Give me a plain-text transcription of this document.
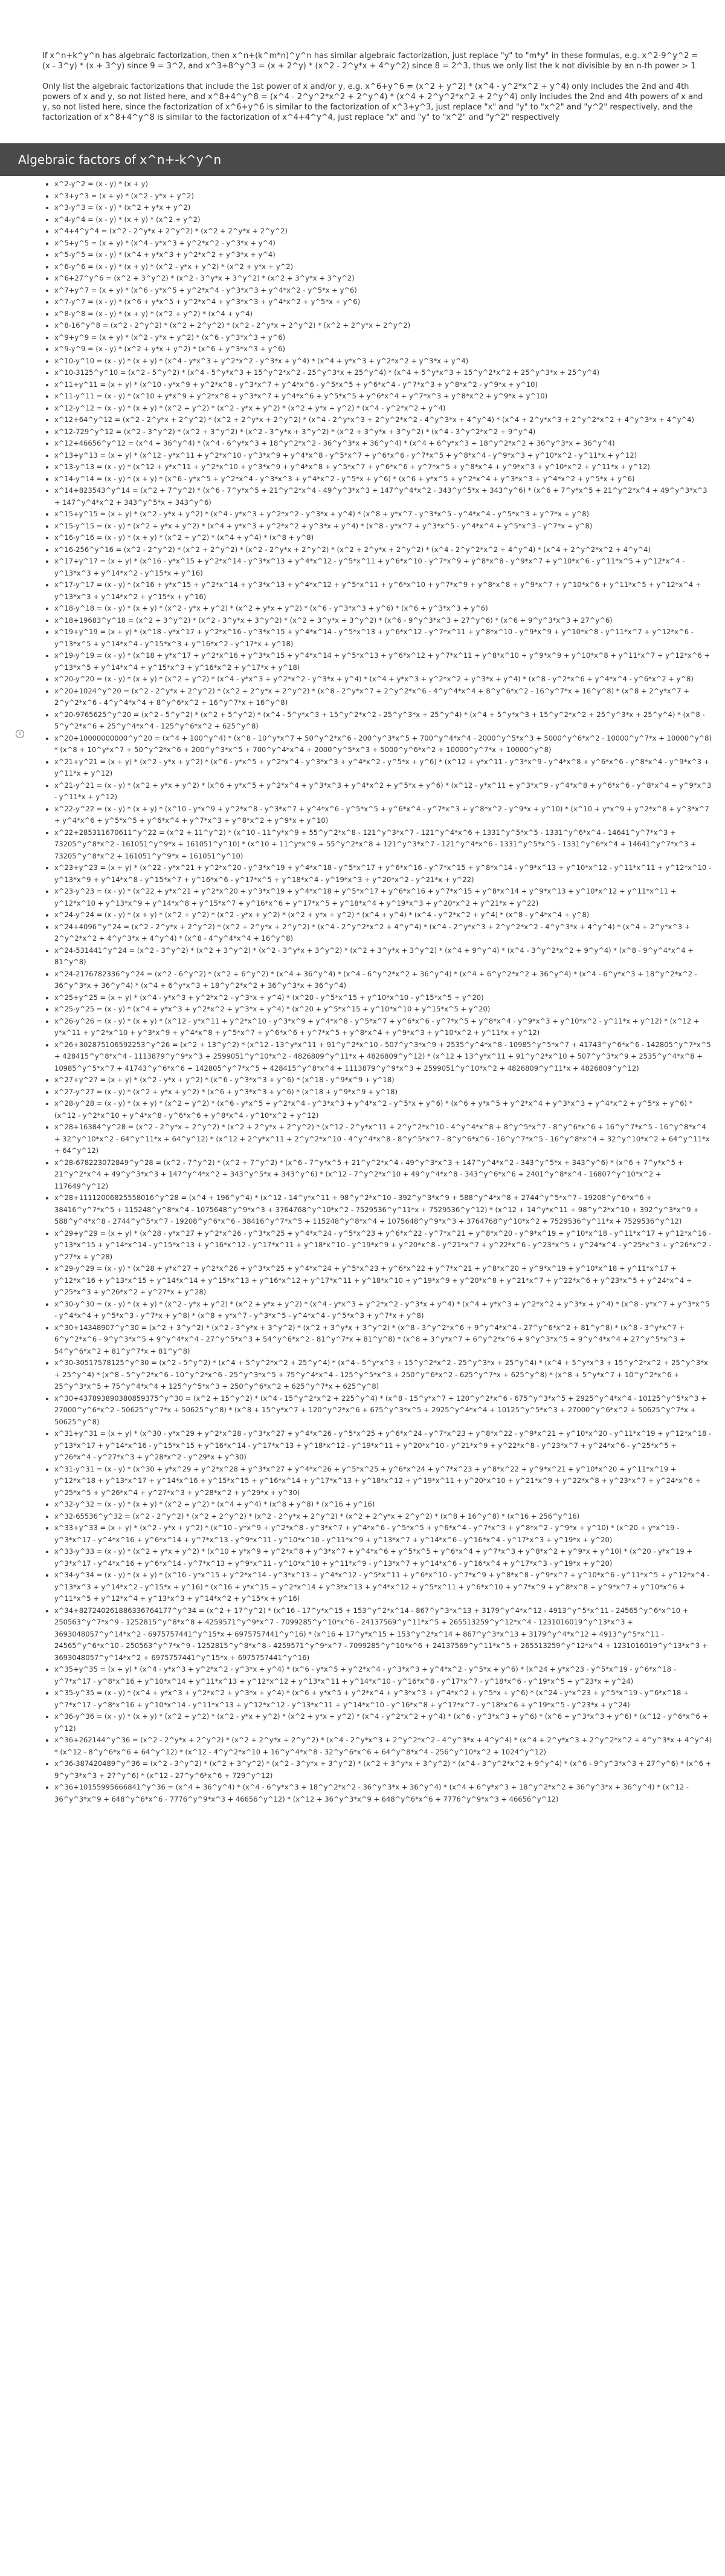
If x^n+k^y^n has algebraic factorization, then x^n+(k^m*n)^y^n has similar algebraic factorization, just replace "y" to "m*y" in these formulas, e.g. x^2-9^y^2 = (x - 3^y) * (x + 3^y) since 9 = 3^2, and x^3+8^y^3 = (x + 2^y) * (x^2 - 2^y*x + 4^y^2) since 8 = 2^3, thus we only list the k not divisible by an n-th power > 1

Only list the algebraic factorizations that include the 1st power of x and/or y, e.g. x^6+y^6 = (x^2 + y^2) * (x^4 - y^2*x^2 + y^4) only includes the 2nd and 4th powers of x and y, so not listed here, and x^8+4^y^8 = (x^4 - 2^y^2*x^2 + 2^y^4) * (x^4 + 2^y^2*x^2 + 2^y^4) only includes the 2nd and 4th powers of x and y, so not listed here, since the factorization of x^6+y^6 is similar to the factorization of x^3+y^3, just replace "x" and "y" to "x^2" and "y^2" respectively, and the factorization of x^8+4^y^8 is similar to the factorization of x^4+4^y^4, just replace "x" and "y" to "x^2" and "y^2" respectively

Algebraic factors of x^n+-k^y^n
i
• x^2-y^2 = (x - y) * (x + y)
• x^3+y^3 = (x + y) * (x^2 - y*x + y^2)
• x^3-y^3 = (x - y) * (x^2 + y*x + y^2)
• x^4-y^4 = (x - y) * (x + y) * (x^2 + y^2)
• x^4+4^y^4 = (x^2 - 2^y*x + 2^y^2) * (x^2 + 2^y*x + 2^y^2)
• x^5+y^5 = (x + y) * (x^4 - y*x^3 + y^2*x^2 - y^3*x + y^4)
• x^5-y^5 = (x - y) * (x^4 + y*x^3 + y^2*x^2 + y^3*x + y^4)
• x^6-y^6 = (x - y) * (x + y) * (x^2 - y*x + y^2) * (x^2 + y*x + y^2)
• x^6+27^y^6 = (x^2 + 3^y^2) * (x^2 - 3^y*x + 3^y^2) * (x^2 + 3^y*x + 3^y^2)
• x^7+y^7 = (x + y) * (x^6 - y*x^5 + y^2*x^4 - y^3*x^3 + y^4*x^2 - y^5*x + y^6)
• x^7-y^7 = (x - y) * (x^6 + y*x^5 + y^2*x^4 + y^3*x^3 + y^4*x^2 + y^5*x + y^6)
• x^8-y^8 = (x - y) * (x + y) * (x^2 + y^2) * (x^4 + y^4)
• x^8-16^y^8 = (x^2 - 2^y^2) * (x^2 + 2^y^2) * (x^2 - 2^y*x + 2^y^2) * (x^2 + 2^y*x + 2^y^2)
• x^9+y^9 = (x + y) * (x^2 - y*x + y^2) * (x^6 - y^3*x^3 + y^6)
• x^9-y^9 = (x - y) * (x^2 + y*x + y^2) * (x^6 + y^3*x^3 + y^6)
• x^10-y^10 = (x - y) * (x + y) * (x^4 - y*x^3 + y^2*x^2 - y^3*x + y^4) * (x^4 + y*x^3 + y^2*x^2 + y^3*x + y^4)
• x^10-3125^y^10 = (x^2 - 5^y^2) * (x^4 - 5^y*x^3 + 15^y^2*x^2 - 25^y^3*x + 25^y^4) * (x^4 + 5^y*x^3 + 15^y^2*x^2 + 25^y^3*x + 25^y^4)
• x^11+y^11 = (x + y) * (x^10 - y*x^9 + y^2*x^8 - y^3*x^7 + y^4*x^6 - y^5*x^5 + y^6*x^4 - y^7*x^3 + y^8*x^2 - y^9*x + y^10)
• x^11-y^11 = (x - y) * (x^10 + y*x^9 + y^2*x^8 + y^3*x^7 + y^4*x^6 + y^5*x^5 + y^6*x^4 + y^7*x^3 + y^8*x^2 + y^9*x + y^10)
• x^12-y^12 = (x - y) * (x + y) * (x^2 + y^2) * (x^2 - y*x + y^2) * (x^2 + y*x + y^2) * (x^4 - y^2*x^2 + y^4)
• x^12+64^y^12 = (x^2 - 2^y*x + 2^y^2) * (x^2 + 2^y*x + 2^y^2) * (x^4 - 2^y*x^3 + 2^y^2*x^2 - 4^y^3*x + 4^y^4) * (x^4 + 2^y*x^3 + 2^y^2*x^2 + 4^y^3*x + 4^y^4)
• x^12-729^y^12 = (x^2 - 3^y^2) * (x^2 + 3^y^2) * (x^2 - 3^y*x + 3^y^2) * (x^2 + 3^y*x + 3^y^2) * (x^4 - 3^y^2*x^2 + 9^y^4)
• x^12+46656^y^12 = (x^4 + 36^y^4) * (x^4 - 6^y*x^3 + 18^y^2*x^2 - 36^y^3*x + 36^y^4) * (x^4 + 6^y*x^3 + 18^y^2*x^2 + 36^y^3*x + 36^y^4)
• x^13+y^13 = (x + y) * (x^12 - y*x^11 + y^2*x^10 - y^3*x^9 + y^4*x^8 - y^5*x^7 + y^6*x^6 - y^7*x^5 + y^8*x^4 - y^9*x^3 + y^10*x^2 - y^11*x + y^12)
• x^13-y^13 = (x - y) * (x^12 + y*x^11 + y^2*x^10 + y^3*x^9 + y^4*x^8 + y^5*x^7 + y^6*x^6 + y^7*x^5 + y^8*x^4 + y^9*x^3 + y^10*x^2 + y^11*x + y^12)
• x^14-y^14 = (x - y) * (x + y) * (x^6 - y*x^5 + y^2*x^4 - y^3*x^3 + y^4*x^2 - y^5*x + y^6) * (x^6 + y*x^5 + y^2*x^4 + y^3*x^3 + y^4*x^2 + y^5*x + y^6)
• x^14+823543^y^14 = (x^2 + 7^y^2) * (x^6 - 7^y*x^5 + 21^y^2*x^4 - 49^y^3*x^3 + 147^y^4*x^2 - 343^y^5*x + 343^y^6) * (x^6 + 7^y*x^5 + 21^y^2*x^4 + 49^y^3*x^3 + 147^y^4*x^2 + 343^y^5*x + 343^y^6)
• x^15+y^15 = (x + y) * (x^2 - y*x + y^2) * (x^4 - y*x^3 + y^2*x^2 - y^3*x + y^4) * (x^8 + y*x^7 - y^3*x^5 - y^4*x^4 - y^5*x^3 + y^7*x + y^8)
• x^15-y^15 = (x - y) * (x^2 + y*x + y^2) * (x^4 + y*x^3 + y^2*x^2 + y^3*x + y^4) * (x^8 - y*x^7 + y^3*x^5 - y^4*x^4 + y^5*x^3 - y^7*x + y^8)
• x^16-y^16 = (x - y) * (x + y) * (x^2 + y^2) * (x^4 + y^4) * (x^8 + y^8)
• x^16-256^y^16 = (x^2 - 2^y^2) * (x^2 + 2^y^2) * (x^2 - 2^y*x + 2^y^2) * (x^2 + 2^y*x + 2^y^2) * (x^4 - 2^y^2*x^2 + 4^y^4) * (x^4 + 2^y^2*x^2 + 4^y^4)
• x^17+y^17 = (x + y) * (x^16 - y*x^15 + y^2*x^14 - y^3*x^13 + y^4*x^12 - y^5*x^11 + y^6*x^10 - y^7*x^9 + y^8*x^8 - y^9*x^7 + y^10*x^6 - y^11*x^5 + y^12*x^4 - y^13*x^3 + y^14*x^2 - y^15*x + y^16)
• x^17-y^17 = (x - y) * (x^16 + y*x^15 + y^2*x^14 + y^3*x^13 + y^4*x^12 + y^5*x^11 + y^6*x^10 + y^7*x^9 + y^8*x^8 + y^9*x^7 + y^10*x^6 + y^11*x^5 + y^12*x^4 + y^13*x^3 + y^14*x^2 + y^15*x + y^16)
• x^18-y^18 = (x - y) * (x + y) * (x^2 - y*x + y^2) * (x^2 + y*x + y^2) * (x^6 - y^3*x^3 + y^6) * (x^6 + y^3*x^3 + y^6)
• x^18+19683^y^18 = (x^2 + 3^y^2) * (x^2 - 3^y*x + 3^y^2) * (x^2 + 3^y*x + 3^y^2) * (x^6 - 9^y^3*x^3 + 27^y^6) * (x^6 + 9^y^3*x^3 + 27^y^6)
• x^19+y^19 = (x + y) * (x^18 - y*x^17 + y^2*x^16 - y^3*x^15 + y^4*x^14 - y^5*x^13 + y^6*x^12 - y^7*x^11 + y^8*x^10 - y^9*x^9 + y^10*x^8 - y^11*x^7 + y^12*x^6 - y^13*x^5 + y^14*x^4 - y^15*x^3 + y^16*x^2 - y^17*x + y^18)
• x^19-y^19 = (x - y) * (x^18 + y*x^17 + y^2*x^16 + y^3*x^15 + y^4*x^14 + y^5*x^13 + y^6*x^12 + y^7*x^11 + y^8*x^10 + y^9*x^9 + y^10*x^8 + y^11*x^7 + y^12*x^6 + y^13*x^5 + y^14*x^4 + y^15*x^3 + y^16*x^2 + y^17*x + y^18)
• x^20-y^20 = (x - y) * (x + y) * (x^2 + y^2) * (x^4 - y*x^3 + y^2*x^2 - y^3*x + y^4) * (x^4 + y*x^3 + y^2*x^2 + y^3*x + y^4) * (x^8 - y^2*x^6 + y^4*x^4 - y^6*x^2 + y^8)
• x^20+1024^y^20 = (x^2 - 2^y*x + 2^y^2) * (x^2 + 2^y*x + 2^y^2) * (x^8 - 2^y*x^7 + 2^y^2*x^6 - 4^y^4*x^4 + 8^y^6*x^2 - 16^y^7*x + 16^y^8) * (x^8 + 2^y*x^7 + 2^y^2*x^6 - 4^y^4*x^4 + 8^y^6*x^2 + 16^y^7*x + 16^y^8)
• x^20-9765625^y^20 = (x^2 - 5^y^2) * (x^2 + 5^y^2) * (x^4 - 5^y*x^3 + 15^y^2*x^2 - 25^y^3*x + 25^y^4) * (x^4 + 5^y*x^3 + 15^y^2*x^2 + 25^y^3*x + 25^y^4) * (x^8 - 5^y^2*x^6 + 25^y^4*x^4 - 125^y^6*x^2 + 625^y^8)
• x^20+10000000000^y^20 = (x^4 + 100^y^4) * (x^8 - 10^y*x^7 + 50^y^2*x^6 - 200^y^3*x^5 + 700^y^4*x^4 - 2000^y^5*x^3 + 5000^y^6*x^2 - 10000^y^7*x + 10000^y^8) * (x^8 + 10^y*x^7 + 50^y^2*x^6 + 200^y^3*x^5 + 700^y^4*x^4 + 2000^y^5*x^3 + 5000^y^6*x^2 + 10000^y^7*x + 10000^y^8)
• x^21+y^21 = (x + y) * (x^2 - y*x + y^2) * (x^6 - y*x^5 + y^2*x^4 - y^3*x^3 + y^4*x^2 - y^5*x + y^6) * (x^12 + y*x^11 - y^3*x^9 - y^4*x^8 + y^6*x^6 - y^8*x^4 - y^9*x^3 + y^11*x + y^12)
• x^21-y^21 = (x - y) * (x^2 + y*x + y^2) * (x^6 + y*x^5 + y^2*x^4 + y^3*x^3 + y^4*x^2 + y^5*x + y^6) * (x^12 - y*x^11 + y^3*x^9 - y^4*x^8 + y^6*x^6 - y^8*x^4 + y^9*x^3 - y^11*x + y^12)
• x^22-y^22 = (x - y) * (x + y) * (x^10 - y*x^9 + y^2*x^8 - y^3*x^7 + y^4*x^6 - y^5*x^5 + y^6*x^4 - y^7*x^3 + y^8*x^2 - y^9*x + y^10) * (x^10 + y*x^9 + y^2*x^8 + y^3*x^7 + y^4*x^6 + y^5*x^5 + y^6*x^4 + y^7*x^3 + y^8*x^2 + y^9*x + y^10)
• x^22+285311670611^y^22 = (x^2 + 11^y^2) * (x^10 - 11^y*x^9 + 55^y^2*x^8 - 121^y^3*x^7 - 121^y^4*x^6 + 1331^y^5*x^5 - 1331^y^6*x^4 - 14641^y^7*x^3 + 73205^y^8*x^2 - 161051^y^9*x + 161051^y^10) * (x^10 + 11^y*x^9 + 55^y^2*x^8 + 121^y^3*x^7 - 121^y^4*x^6 - 1331^y^5*x^5 - 1331^y^6*x^4 + 14641^y^7*x^3 + 73205^y^8*x^2 + 161051^y^9*x + 161051^y^10)
• x^23+y^23 = (x + y) * (x^22 - y*x^21 + y^2*x^20 - y^3*x^19 + y^4*x^18 - y^5*x^17 + y^6*x^16 - y^7*x^15 + y^8*x^14 - y^9*x^13 + y^10*x^12 - y^11*x^11 + y^12*x^10 - y^13*x^9 + y^14*x^8 - y^15*x^7 + y^16*x^6 - y^17*x^5 + y^18*x^4 - y^19*x^3 + y^20*x^2 - y^21*x + y^22)
• x^23-y^23 = (x - y) * (x^22 + y*x^21 + y^2*x^20 + y^3*x^19 + y^4*x^18 + y^5*x^17 + y^6*x^16 + y^7*x^15 + y^8*x^14 + y^9*x^13 + y^10*x^12 + y^11*x^11 + y^12*x^10 + y^13*x^9 + y^14*x^8 + y^15*x^7 + y^16*x^6 + y^17*x^5 + y^18*x^4 + y^19*x^3 + y^20*x^2 + y^21*x + y^22)
• x^24-y^24 = (x - y) * (x + y) * (x^2 + y^2) * (x^2 - y*x + y^2) * (x^2 + y*x + y^2) * (x^4 + y^4) * (x^4 - y^2*x^2 + y^4) * (x^8 - y^4*x^4 + y^8)
• x^24+4096^y^24 = (x^2 - 2^y*x + 2^y^2) * (x^2 + 2^y*x + 2^y^2) * (x^4 - 2^y^2*x^2 + 4^y^4) * (x^4 - 2^y*x^3 + 2^y^2*x^2 - 4^y^3*x + 4^y^4) * (x^4 + 2^y*x^3 + 2^y^2*x^2 + 4^y^3*x + 4^y^4) * (x^8 - 4^y^4*x^4 + 16^y^8)
• x^24-531441^y^24 = (x^2 - 3^y^2) * (x^2 + 3^y^2) * (x^2 - 3^y*x + 3^y^2) * (x^2 + 3^y*x + 3^y^2) * (x^4 + 9^y^4) * (x^4 - 3^y^2*x^2 + 9^y^4) * (x^8 - 9^y^4*x^4 + 81^y^8)
• x^24-2176782336^y^24 = (x^2 - 6^y^2) * (x^2 + 6^y^2) * (x^4 + 36^y^4) * (x^4 - 6^y^2*x^2 + 36^y^4) * (x^4 + 6^y^2*x^2 + 36^y^4) * (x^4 - 6^y*x^3 + 18^y^2*x^2 - 36^y^3*x + 36^y^4) * (x^4 + 6^y*x^3 + 18^y^2*x^2 + 36^y^3*x + 36^y^4)
• x^25+y^25 = (x + y) * (x^4 - y*x^3 + y^2*x^2 - y^3*x + y^4) * (x^20 - y^5*x^15 + y^10*x^10 - y^15*x^5 + y^20)
• x^25-y^25 = (x - y) * (x^4 + y*x^3 + y^2*x^2 + y^3*x + y^4) * (x^20 + y^5*x^15 + y^10*x^10 + y^15*x^5 + y^20)
• x^26-y^26 = (x - y) * (x + y) * (x^12 - y*x^11 + y^2*x^10 - y^3*x^9 + y^4*x^8 - y^5*x^7 + y^6*x^6 - y^7*x^5 + y^8*x^4 - y^9*x^3 + y^10*x^2 - y^11*x + y^12) * (x^12 + y*x^11 + y^2*x^10 + y^3*x^9 + y^4*x^8 + y^5*x^7 + y^6*x^6 + y^7*x^5 + y^8*x^4 + y^9*x^3 + y^10*x^2 + y^11*x + y^12)
• x^26+302875106592253^y^26 = (x^2 + 13^y^2) * (x^12 - 13^y*x^11 + 91^y^2*x^10 - 507^y^3*x^9 + 2535^y^4*x^8 - 10985^y^5*x^7 + 41743^y^6*x^6 - 142805^y^7*x^5 + 428415^y^8*x^4 - 1113879^y^9*x^3 + 2599051^y^10*x^2 - 4826809^y^11*x + 4826809^y^12) * (x^12 + 13^y*x^11 + 91^y^2*x^10 + 507^y^3*x^9 + 2535^y^4*x^8 + 10985^y^5*x^7 + 41743^y^6*x^6 + 142805^y^7*x^5 + 428415^y^8*x^4 + 1113879^y^9*x^3 + 2599051^y^10*x^2 + 4826809^y^11*x + 4826809^y^12)
• x^27+y^27 = (x + y) * (x^2 - y*x + y^2) * (x^6 - y^3*x^3 + y^6) * (x^18 - y^9*x^9 + y^18)
• x^27-y^27 = (x - y) * (x^2 + y*x + y^2) * (x^6 + y^3*x^3 + y^6) * (x^18 + y^9*x^9 + y^18)
• x^28-y^28 = (x - y) * (x + y) * (x^2 + y^2) * (x^6 - y*x^5 + y^2*x^4 - y^3*x^3 + y^4*x^2 - y^5*x + y^6) * (x^6 + y*x^5 + y^2*x^4 + y^3*x^3 + y^4*x^2 + y^5*x + y^6) * (x^12 - y^2*x^10 + y^4*x^8 - y^6*x^6 + y^8*x^4 - y^10*x^2 + y^12)
• x^28+16384^y^28 = (x^2 - 2^y*x + 2^y^2) * (x^2 + 2^y*x + 2^y^2) * (x^12 - 2^y*x^11 + 2^y^2*x^10 - 4^y^4*x^8 + 8^y^5*x^7 - 8^y^6*x^6 + 16^y^7*x^5 - 16^y^8*x^4 + 32^y^10*x^2 - 64^y^11*x + 64^y^12) * (x^12 + 2^y*x^11 + 2^y^2*x^10 - 4^y^4*x^8 - 8^y^5*x^7 - 8^y^6*x^6 - 16^y^7*x^5 - 16^y^8*x^4 + 32^y^10*x^2 + 64^y^11*x + 64^y^12)
• x^28-678223072849^y^28 = (x^2 - 7^y^2) * (x^2 + 7^y^2) * (x^6 - 7^y*x^5 + 21^y^2*x^4 - 49^y^3*x^3 + 147^y^4*x^2 - 343^y^5*x + 343^y^6) * (x^6 + 7^y*x^5 + 21^y^2*x^4 + 49^y^3*x^3 + 147^y^4*x^2 + 343^y^5*x + 343^y^6) * (x^12 - 7^y^2*x^10 + 49^y^4*x^8 - 343^y^6*x^6 + 2401^y^8*x^4 - 16807^y^10*x^2 + 117649^y^12)
• x^28+11112006825558016^y^28 = (x^4 + 196^y^4) * (x^12 - 14^y*x^11 + 98^y^2*x^10 - 392^y^3*x^9 + 588^y^4*x^8 + 2744^y^5*x^7 - 19208^y^6*x^6 + 38416^y^7*x^5 + 115248^y^8*x^4 - 1075648^y^9*x^3 + 3764768^y^10*x^2 - 7529536^y^11*x + 7529536^y^12) * (x^12 + 14^y*x^11 + 98^y^2*x^10 + 392^y^3*x^9 + 588^y^4*x^8 - 2744^y^5*x^7 - 19208^y^6*x^6 - 38416^y^7*x^5 + 115248^y^8*x^4 + 1075648^y^9*x^3 + 3764768^y^10*x^2 + 7529536^y^11*x + 7529536^y^12)
• x^29+y^29 = (x + y) * (x^28 - y*x^27 + y^2*x^26 - y^3*x^25 + y^4*x^24 - y^5*x^23 + y^6*x^22 - y^7*x^21 + y^8*x^20 - y^9*x^19 + y^10*x^18 - y^11*x^17 + y^12*x^16 - y^13*x^15 + y^14*x^14 - y^15*x^13 + y^16*x^12 - y^17*x^11 + y^18*x^10 - y^19*x^9 + y^20*x^8 - y^21*x^7 + y^22*x^6 - y^23*x^5 + y^24*x^4 - y^25*x^3 + y^26*x^2 - y^27*x + y^28)
• x^29-y^29 = (x - y) * (x^28 + y*x^27 + y^2*x^26 + y^3*x^25 + y^4*x^24 + y^5*x^23 + y^6*x^22 + y^7*x^21 + y^8*x^20 + y^9*x^19 + y^10*x^18 + y^11*x^17 + y^12*x^16 + y^13*x^15 + y^14*x^14 + y^15*x^13 + y^16*x^12 + y^17*x^11 + y^18*x^10 + y^19*x^9 + y^20*x^8 + y^21*x^7 + y^22*x^6 + y^23*x^5 + y^24*x^4 + y^25*x^3 + y^26*x^2 + y^27*x + y^28)
• x^30-y^30 = (x - y) * (x + y) * (x^2 - y*x + y^2) * (x^2 + y*x + y^2) * (x^4 - y*x^3 + y^2*x^2 - y^3*x + y^4) * (x^4 + y*x^3 + y^2*x^2 + y^3*x + y^4) * (x^8 - y*x^7 + y^3*x^5 - y^4*x^4 + y^5*x^3 - y^7*x + y^8) * (x^8 + y*x^7 - y^3*x^5 - y^4*x^4 - y^5*x^3 + y^7*x + y^8)
• x^30+14348907^y^30 = (x^2 + 3^y^2) * (x^2 - 3^y*x + 3^y^2) * (x^2 + 3^y*x + 3^y^2) * (x^8 - 3^y^2*x^6 + 9^y^4*x^4 - 27^y^6*x^2 + 81^y^8) * (x^8 - 3^y*x^7 + 6^y^2*x^6 - 9^y^3*x^5 + 9^y^4*x^4 - 27^y^5*x^3 + 54^y^6*x^2 - 81^y^7*x + 81^y^8) * (x^8 + 3^y*x^7 + 6^y^2*x^6 + 9^y^3*x^5 + 9^y^4*x^4 + 27^y^5*x^3 + 54^y^6*x^2 + 81^y^7*x + 81^y^8)
• x^30-30517578125^y^30 = (x^2 - 5^y^2) * (x^4 + 5^y^2*x^2 + 25^y^4) * (x^4 - 5^y*x^3 + 15^y^2*x^2 - 25^y^3*x + 25^y^4) * (x^4 + 5^y*x^3 + 15^y^2*x^2 + 25^y^3*x + 25^y^4) * (x^8 - 5^y^2*x^6 - 10^y^2*x^6 - 25^y^3*x^5 + 75^y^4*x^4 - 125^y^5*x^3 + 250^y^6*x^2 - 625^y^7*x + 625^y^8) * (x^8 + 5^y*x^7 + 10^y^2*x^6 + 25^y^3*x^5 + 75^y^4*x^4 + 125^y^5*x^3 + 250^y^6*x^2 + 625^y^7*x + 625^y^8)
• x^30+437893890380859375^y^30 = (x^2 + 15^y^2) * (x^4 - 15^y^2*x^2 + 225^y^4) * (x^8 - 15^y*x^7 + 120^y^2*x^6 - 675^y^3*x^5 + 2925^y^4*x^4 - 10125^y^5*x^3 + 27000^y^6*x^2 - 50625^y^7*x + 50625^y^8) * (x^8 + 15^y*x^7 + 120^y^2*x^6 + 675^y^3*x^5 + 2925^y^4*x^4 + 10125^y^5*x^3 + 27000^y^6*x^2 + 50625^y^7*x + 50625^y^8)
• x^31+y^31 = (x + y) * (x^30 - y*x^29 + y^2*x^28 - y^3*x^27 + y^4*x^26 - y^5*x^25 + y^6*x^24 - y^7*x^23 + y^8*x^22 - y^9*x^21 + y^10*x^20 - y^11*x^19 + y^12*x^18 - y^13*x^17 + y^14*x^16 - y^15*x^15 + y^16*x^14 - y^17*x^13 + y^18*x^12 - y^19*x^11 + y^20*x^10 - y^21*x^9 + y^22*x^8 - y^23*x^7 + y^24*x^6 - y^25*x^5 + y^26*x^4 - y^27*x^3 + y^28*x^2 - y^29*x + y^30)
• x^31-y^31 = (x - y) * (x^30 + y*x^29 + y^2*x^28 + y^3*x^27 + y^4*x^26 + y^5*x^25 + y^6*x^24 + y^7*x^23 + y^8*x^22 + y^9*x^21 + y^10*x^20 + y^11*x^19 + y^12*x^18 + y^13*x^17 + y^14*x^16 + y^15*x^15 + y^16*x^14 + y^17*x^13 + y^18*x^12 + y^19*x^11 + y^20*x^10 + y^21*x^9 + y^22*x^8 + y^23*x^7 + y^24*x^6 + y^25*x^5 + y^26*x^4 + y^27*x^3 + y^28*x^2 + y^29*x + y^30)
• x^32-y^32 = (x - y) * (x + y) * (x^2 + y^2) * (x^4 + y^4) * (x^8 + y^8) * (x^16 + y^16)
• x^32-65536^y^32 = (x^2 - 2^y^2) * (x^2 + 2^y^2) * (x^2 - 2^y*x + 2^y^2) * (x^2 + 2^y*x + 2^y^2) * (x^8 + 16^y^8) * (x^16 + 256^y^16)
• x^33+y^33 = (x + y) * (x^2 - y*x + y^2) * (x^10 - y*x^9 + y^2*x^8 - y^3*x^7 + y^4*x^6 - y^5*x^5 + y^6*x^4 - y^7*x^3 + y^8*x^2 - y^9*x + y^10) * (x^20 + y*x^19 - y^3*x^17 - y^4*x^16 + y^6*x^14 + y^7*x^13 - y^9*x^11 - y^10*x^10 - y^11*x^9 + y^13*x^7 + y^14*x^6 - y^16*x^4 - y^17*x^3 + y^19*x + y^20)
• x^33-y^33 = (x - y) * (x^2 + y*x + y^2) * (x^10 + y*x^9 + y^2*x^8 + y^3*x^7 + y^4*x^6 + y^5*x^5 + y^6*x^4 + y^7*x^3 + y^8*x^2 + y^9*x + y^10) * (x^20 - y*x^19 + y^3*x^17 - y^4*x^16 + y^6*x^14 - y^7*x^13 + y^9*x^11 - y^10*x^10 + y^11*x^9 - y^13*x^7 + y^14*x^6 - y^16*x^4 + y^17*x^3 - y^19*x + y^20)
• x^34-y^34 = (x - y) * (x + y) * (x^16 - y*x^15 + y^2*x^14 - y^3*x^13 + y^4*x^12 - y^5*x^11 + y^6*x^10 - y^7*x^9 + y^8*x^8 - y^9*x^7 + y^10*x^6 - y^11*x^5 + y^12*x^4 - y^13*x^3 + y^14*x^2 - y^15*x + y^16) * (x^16 + y*x^15 + y^2*x^14 + y^3*x^13 + y^4*x^12 + y^5*x^11 + y^6*x^10 + y^7*x^9 + y^8*x^8 + y^9*x^7 + y^10*x^6 + y^11*x^5 + y^12*x^4 + y^13*x^3 + y^14*x^2 + y^15*x + y^16)
• x^34+827240261886336764177^y^34 = (x^2 + 17^y^2) * (x^16 - 17^y*x^15 + 153^y^2*x^14 - 867^y^3*x^13 + 3179^y^4*x^12 - 4913^y^5*x^11 - 24565^y^6*x^10 + 250563^y^7*x^9 - 1252815^y^8*x^8 + 4259571^y^9*x^7 - 7099285^y^10*x^6 - 24137569^y^11*x^5 + 265513259^y^12*x^4 - 1231016019^y^13*x^3 + 3693048057^y^14*x^2 - 6975757441^y^15*x + 6975757441^y^16) * (x^16 + 17^y*x^15 + 153^y^2*x^14 + 867^y^3*x^13 + 3179^y^4*x^12 + 4913^y^5*x^11 - 24565^y^6*x^10 - 250563^y^7*x^9 - 1252815^y^8*x^8 - 4259571^y^9*x^7 - 7099285^y^10*x^6 + 24137569^y^11*x^5 + 265513259^y^12*x^4 + 1231016019^y^13*x^3 + 3693048057^y^14*x^2 + 6975757441^y^15*x + 6975757441^y^16)
• x^35+y^35 = (x + y) * (x^4 - y*x^3 + y^2*x^2 - y^3*x + y^4) * (x^6 - y*x^5 + y^2*x^4 - y^3*x^3 + y^4*x^2 - y^5*x + y^6) * (x^24 + y*x^23 - y^5*x^19 - y^6*x^18 - y^7*x^17 - y^8*x^16 + y^10*x^14 + y^11*x^13 + y^12*x^12 + y^13*x^11 + y^14*x^10 - y^16*x^8 - y^17*x^7 - y^18*x^6 - y^19*x^5 + y^23*x + y^24)
• x^35-y^35 = (x - y) * (x^4 + y*x^3 + y^2*x^2 + y^3*x + y^4) * (x^6 + y*x^5 + y^2*x^4 + y^3*x^3 + y^4*x^2 + y^5*x + y^6) * (x^24 - y*x^23 + y^5*x^19 - y^6*x^18 + y^7*x^17 - y^8*x^16 + y^10*x^14 - y^11*x^13 + y^12*x^12 - y^13*x^11 + y^14*x^10 - y^16*x^8 + y^17*x^7 - y^18*x^6 + y^19*x^5 - y^23*x + y^24)
• x^36-y^36 = (x - y) * (x + y) * (x^2 + y^2) * (x^2 - y*x + y^2) * (x^2 + y*x + y^2) * (x^4 - y^2*x^2 + y^4) * (x^6 - y^3*x^3 + y^6) * (x^6 + y^3*x^3 + y^6) * (x^12 - y^6*x^6 + y^12)
• x^36+262144^y^36 = (x^2 - 2^y*x + 2^y^2) * (x^2 + 2^y*x + 2^y^2) * (x^4 - 2^y*x^3 + 2^y^2*x^2 - 4^y^3*x + 4^y^4) * (x^4 + 2^y*x^3 + 2^y^2*x^2 + 4^y^3*x + 4^y^4) * (x^12 - 8^y^6*x^6 + 64^y^12) * (x^12 - 4^y^2*x^10 + 16^y^4*x^8 - 32^y^6*x^6 + 64^y^8*x^4 - 256^y^10*x^2 + 1024^y^12)
• x^36-387420489^y^36 = (x^2 - 3^y^2) * (x^2 + 3^y^2) * (x^2 - 3^y*x + 3^y^2) * (x^2 + 3^y*x + 3^y^2) * (x^4 - 3^y^2*x^2 + 9^y^4) * (x^6 - 9^y^3*x^3 + 27^y^6) * (x^6 + 9^y^3*x^3 + 27^y^6) * (x^12 - 27^y^6*x^6 + 729^y^12)
• x^36+10155995666841^y^36 = (x^4 + 36^y^4) * (x^4 - 6^y*x^3 + 18^y^2*x^2 - 36^y^3*x + 36^y^4) * (x^4 + 6^y*x^3 + 18^y^2*x^2 + 36^y^3*x + 36^y^4) * (x^12 - 36^y^3*x^9 + 648^y^6*x^6 - 7776^y^9*x^3 + 46656^y^12) * (x^12 + 36^y^3*x^9 + 648^y^6*x^6 + 7776^y^9*x^3 + 46656^y^12)
